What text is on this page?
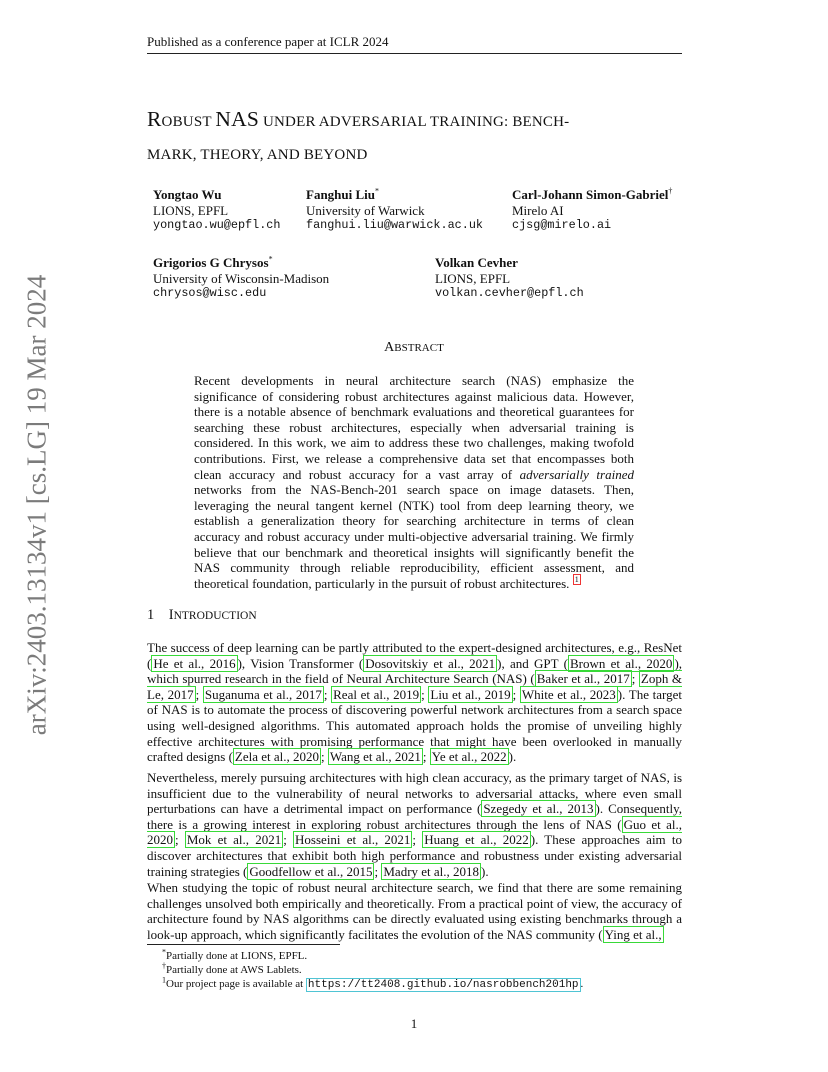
Published as a conference paper at ICLR 2024
arXiv:2403.13134v1 [cs.LG] 19 Mar 2024
ROBUST NAS UNDER ADVERSARIAL TRAINING: BENCH-
MARK, THEORY, AND BEYOND
Yongtao Wu
LIONS, EPFL
yongtao.wu@epfl.ch
Fanghui Liu*
University of Warwick
fanghui.liu@warwick.ac.uk
Carl-Johann Simon-Gabriel†
Mirelo AI
cjsg@mirelo.ai
Grigorios G Chrysos*
University of Wisconsin-Madison
chrysos@wisc.edu
Volkan Cevher
LIONS, EPFL
volkan.cevher@epfl.ch
ABSTRACT
Recent developments in neural architecture search (NAS) emphasize the significance of considering robust architectures against malicious data. However, there is a notable absence of benchmark evaluations and theoretical guarantees for searching these robust architectures, especially when adversarial training is considered. In this work, we aim to address these two challenges, making twofold contributions. First, we release a comprehensive data set that encompasses both clean accuracy and robust accuracy for a vast array of adversarially trained networks from the NAS-Bench-201 search space on image datasets. Then, leveraging the neural tangent kernel (NTK) tool from deep learning theory, we establish a generalization theory for searching architecture in terms of clean accuracy and robust accuracy under multi-objective adversarial training. We firmly believe that our benchmark and theoretical insights will significantly benefit the NAS community through reliable reproducibility, efficient assessment, and theoretical foundation, particularly in the pursuit of robust architectures. $^1$
1 INTRODUCTION
The success of deep learning can be partly attributed to the expert-designed architectures, e.g., ResNet ( He et al., 2016 ), Vision Transformer ( Dosovitskiy et al., 2021 ), and GPT ( Brown et al., 2020 ), which spurred research in the field of Neural Architecture Search (NAS) ( Baker et al., 2017 ; Zoph & Le, 2017 ; Suganuma et al., 2017 ; Real et al., 2019 ; Liu et al., 2019 ; White et al., 2023 ). The target of NAS is to automate the process of discovering powerful network architectures from a search space using well-designed algorithms. This automated approach holds the promise of unveiling highly effective architectures with promising performance that might have been overlooked in manually crafted designs ( Zela et al., 2020 ; Wang et al., 2021 ; Ye et al., 2022 ).
Nevertheless, merely pursuing architectures with high clean accuracy, as the primary target of NAS, is insufficient due to the vulnerability of neural networks to adversarial attacks, where even small perturbations can have a detrimental impact on performance ( Szegedy et al., 2013 ). Consequently, there is a growing interest in exploring robust architectures through the lens of NAS ( Guo et al., 2020 ; Mok et al., 2021 ; Hosseini et al., 2021 ; Huang et al., 2022 ). These approaches aim to discover architectures that exhibit both high performance and robustness under existing adversarial training strategies ( Goodfellow et al., 2015 ; Madry et al., 2018 ).
When studying the topic of robust neural architecture search, we find that there are some remaining challenges unsolved both empirically and theoretically. From a practical point of view, the accuracy of architecture found by NAS algorithms can be directly evaluated using existing benchmarks through a look-up approach, which significantly facilitates the evolution of the NAS community ( Ying et al.,
*Partially done at LIONS, EPFL.
†Partially done at AWS Lablets.
$^1$Our project page is available at https://tt2408.github.io/nasrobbench201hp .
1
